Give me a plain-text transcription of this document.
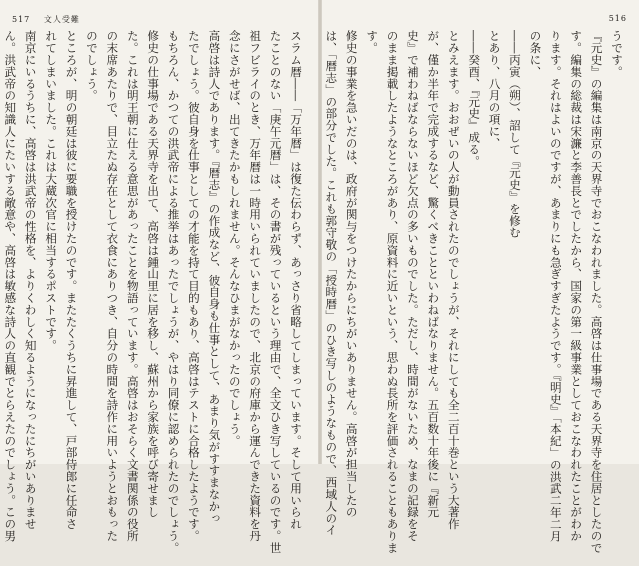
517 文人受難
スラム暦――「万年暦」は復た伝わらず、あっさり省略してしまっています。そして用いられ
たことのない「庚午元暦」は、その書が残っているという理由で、全文ひき写しているのです。世
祖フビライのとき、万年暦は一時用いられていましたので、北京の府庫から運んできた資料を丹
念にさがせば、出てきたかもしれません。そんなひまがなかったのでしょう。
高啓は詩人であります。『暦志』の作成など、彼自身も仕事として、あまり気がすすまなかっ
たでしょう。彼自身を仕事としての才能を持て目的もあり、高啓はテストに合格したようです。
もちろん、かつての洪武帝による推挙はあったでしょうが、やはり同僚に認められたのでしょう。
修史の仕事場である天界寺を出て、高啓は鍾山里に居を移し、蘇州から家族を呼び寄せまし
た。これは明王朝に仕える意思があったことを物語っています。高啓はおそらく文書関係の役所
の末席あたりで、目立たぬ存在として衣食にありつき、自分の時間を詩作に用いようとおもった
のでしょう。
ところが、明の朝廷は彼に要職を授けたのです。またたくうちに昇進して、戸部侍郎に任命さ
れてしまいました。これは大蔵次官に相当するポストです。
南京にいるうちに、高啓は洪武帝の性格を、よりくわしく知るようになったにちがいありませ
ん。洪武帝の知識人にたいする敵意や、高啓は敏感な詩人の直観でとらえたのでしょう。この男
516
うです。
『元史』の編集は南京の天界寺でおこなわれました。高啓は仕事場である天界寺を住居としたので
す。編集の総裁は宋濂と李善長とでしたから、国家の第一級事業としておこなわれたことがわか
ります。それはよいのですが、あまりにも急ぎすぎたようです。『明史』「本紀」の洪武二年二月
の条に、
――丙寅（朔）、詔して『元史』を修む
とあり、八月の項に、
――癸酉、『元史』成る。
とみえます。おおぜいの人が動員されたのでしょうが、それにしても全二百十巻という大著作
が、僅か半年で完成するなど、驚くべきことといわねばなりません。五百数十年後に『新元
史』で補わねばならないほど欠点の多いものでした。ただし、時間がないため、なまの記録をそ
のまま掲載したようなところがあり、原資料に近いという、思わぬ長所を評価されることもありま
す。
修史の事業を急いだのは、政府が関与をつけたからにちがいありません。高啓が担当したの
は、「暦志」の部分でした。これも郭守敬の「授時暦」のひき写しのようなもので、西域人のイ
